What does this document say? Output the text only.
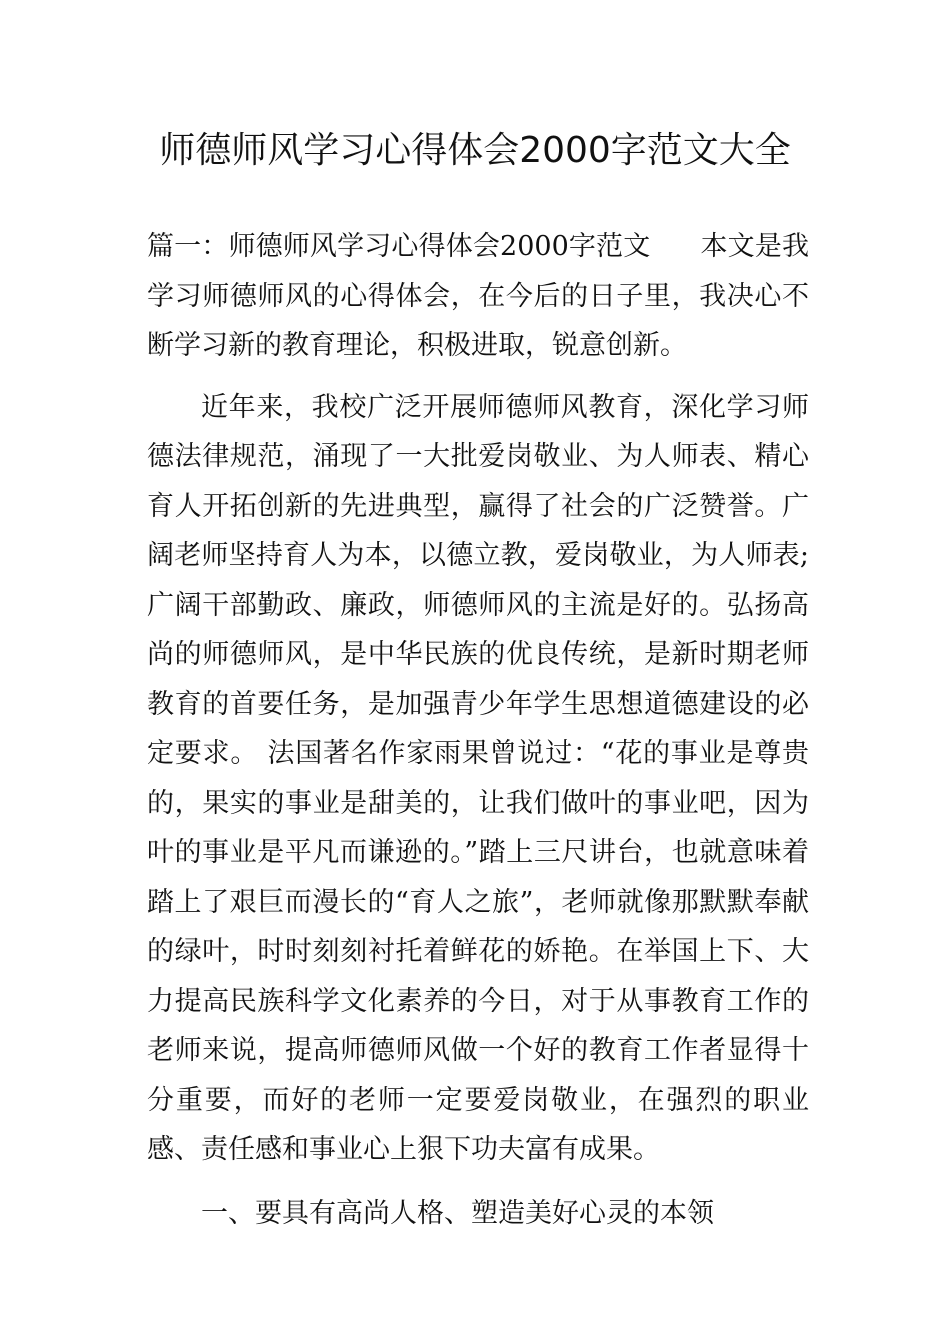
师德师风学习心得体会2000字范文大全

篇一：师德师风学习心得体会2000字范文 本文是我学习师德师风的心得体会，在今后的日子里，我决心不断学习新的教育理论，积极进取，锐意创新。

近年来，我校广泛开展师德师风教育，深化学习师德法律规范，涌现了一大批爱岗敬业、为人师表、精心育人开拓创新的先进典型，赢得了社会的广泛赞誉。广阔老师坚持育人为本，以德立教，爱岗敬业，为人师表;广阔干部勤政、廉政，师德师风的主流是好的。弘扬高尚的师德师风，是中华民族的优良传统，是新时期老师教育的首要任务，是加强青少年学生思想道德建设的必定要求。 法国著名作家雨果曾说过：“花的事业是尊贵的，果实的事业是甜美的，让我们做叶的事业吧，因为叶的事业是平凡而谦逊的。”踏上三尺讲台，也就意味着踏上了艰巨而漫长的“育人之旅”，老师就像那默默奉献的绿叶，时时刻刻衬托着鲜花的娇艳。在举国上下、大力提高民族科学文化素养的今日，对于从事教育工作的老师来说，提高师德师风做一个好的教育工作者显得十分重要，而好的老师一定要爱岗敬业，在强烈的职业感、责任感和事业心上狠下功夫富有成果。

一、要具有高尚人格、塑造美好心灵的本领
